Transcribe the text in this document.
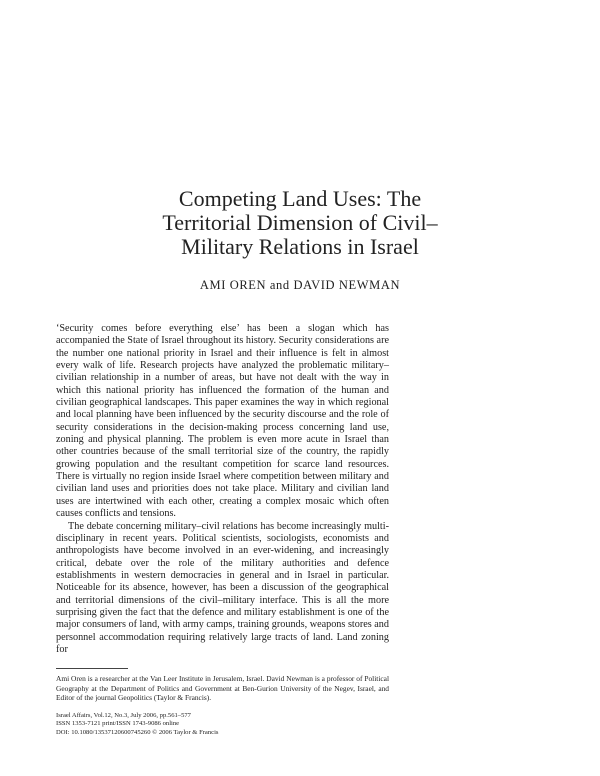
Competing Land Uses: The
Territorial Dimension of Civil–
Military Relations in Israel
AMI OREN and DAVID NEWMAN

‘Security comes before everything else’ has been a slogan which has accompanied the State of Israel throughout its history. Security considerations are the number one national priority in Israel and their influence is felt in almost every walk of life. Research projects have analyzed the problematic military–civilian relationship in a number of areas, but have not dealt with the way in which this national priority has influenced the formation of the human and civilian geographical landscapes. This paper examines the way in which regional and local planning have been influenced by the security discourse and the role of security considerations in the decision-making process concerning land use, zoning and physical planning. The problem is even more acute in Israel than other countries because of the small territorial size of the country, the rapidly growing population and the resultant competition for scarce land resources. There is virtually no region inside Israel where competition between military and civilian land uses and priorities does not take place. Military and civilian land uses are intertwined with each other, creating a complex mosaic which often causes conflicts and tensions.

The debate concerning military–civil relations has become increasingly multi-disciplinary in recent years. Political scientists, sociologists, economists and anthropologists have become involved in an ever-widening, and increasingly critical, debate over the role of the military authorities and defence establishments in western democracies in general and in Israel in particular. Noticeable for its absence, however, has been a discussion of the geographical and territorial dimensions of the civil–military interface. This is all the more surprising given the fact that the defence and military establishment is one of the major consumers of land, with army camps, training grounds, weapons stores and personnel accommodation requiring relatively large tracts of land. Land zoning for

Ami Oren is a researcher at the Van Leer Institute in Jerusalem, Israel. David Newman is a professor of Political Geography at the Department of Politics and Government at Ben-Gurion University of the Negev, Israel, and Editor of the journal Geopolitics (Taylor & Francis).
Israel Affairs, Vol.12, No.3, July 2006, pp.561–577
ISSN 1353-7121 print/ISSN 1743-9086 online
DOI: 10.1080/13537120600745260 © 2006 Taylor & Francis
